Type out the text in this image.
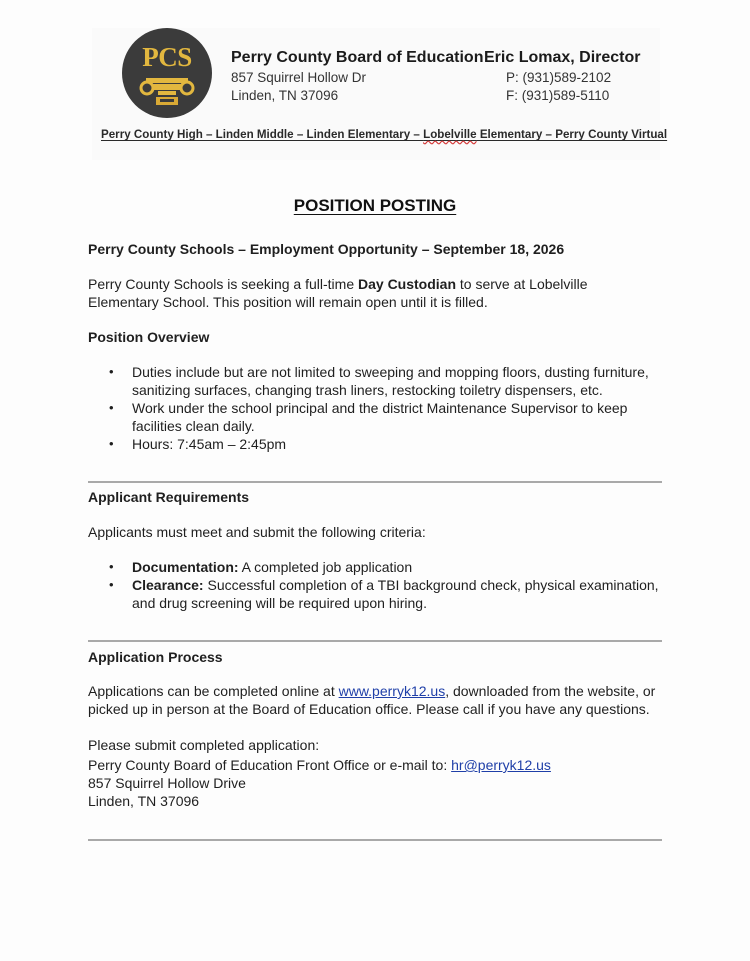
PCS	Perry County Board of Education
857 Squirrel Hollow Dr
Linden, TN 37096
Eric Lomax, Director
P: (931)589-2102
F: (931)589-5110
Perry County High – Linden Middle – Linden Elementary – Lobelville Elementary – Perry County Virtual
POSITION POSTING
Perry County Schools – Employment Opportunity – September 18, 2026
Perry County Schools is seeking a full-time Day Custodian to serve at Lobelville Elementary School. This position will remain open until it is filled.
Position Overview
• Duties include but are not limited to sweeping and mopping floors, dusting furniture, sanitizing surfaces, changing trash liners, restocking toiletry dispensers, etc.
• Work under the school principal and the district Maintenance Supervisor to keep facilities clean daily.
• Hours: 7:45am – 2:45pm
Applicant Requirements
Applicants must meet and submit the following criteria:
• Documentation: A completed job application
• Clearance: Successful completion of a TBI background check, physical examination, and drug screening will be required upon hiring.
Application Process
Applications can be completed online at www.perryk12.us, downloaded from the website, or picked up in person at the Board of Education office. Please call if you have any questions.
Please submit completed application:
Perry County Board of Education Front Office or e-mail to: hr@perryk12.us
857 Squirrel Hollow Drive
Linden, TN 37096
